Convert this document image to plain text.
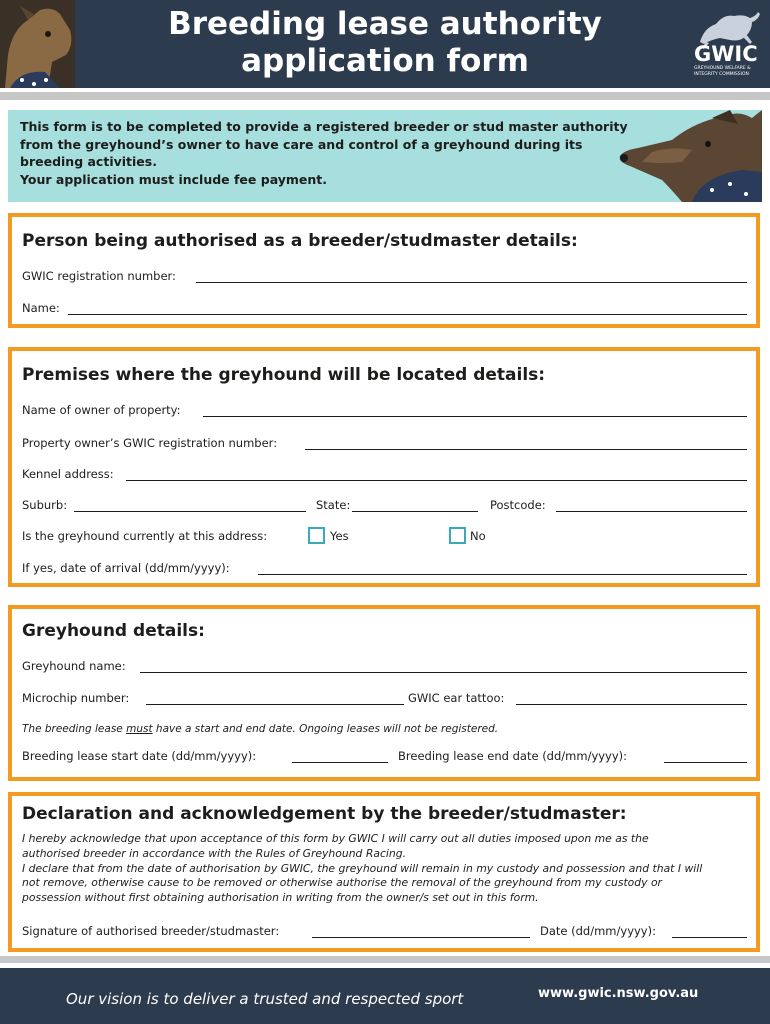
Breeding lease authority
application form	GWIC
GREYHOUND WELFARE & INTEGRITY COMMISSION
This form is to be completed to provide a registered breeder or stud master authority
from the greyhound’s owner to have care and control of a greyhound during its
breeding activities.
Your application must include fee payment.
Person being authorised as a breeder/studmaster details:
GWIC registration number:
Name:
Premises where the greyhound will be located details:
Name of owner of property:
Property owner’s GWIC registration number:
Kennel address:
Suburb:	State:	Postcode:
Is the greyhound currently at this address:	Yes	No
If yes, date of arrival (dd/mm/yyyy):
Greyhound details:
Greyhound name:
Microchip number:	GWIC ear tattoo:
The breeding lease must have a start and end date. Ongoing leases will not be registered.
Breeding lease start date (dd/mm/yyyy):	Breeding lease end date (dd/mm/yyyy):
Declaration and acknowledgement by the breeder/studmaster:
I hereby acknowledge that upon acceptance of this form by GWIC I will carry out all duties imposed upon me as the
authorised breeder in accordance with the Rules of Greyhound Racing.
I declare that from the date of authorisation by GWIC, the greyhound will remain in my custody and possession and that I will
not remove, otherwise cause to be removed or otherwise authorise the removal of the greyhound from my custody or
possession without first obtaining authorisation in writing from the owner/s set out in this form.
Signature of authorised breeder/studmaster:	Date (dd/mm/yyyy):
Our vision is to deliver a trusted and respected sport	www.gwic.nsw.gov.au
